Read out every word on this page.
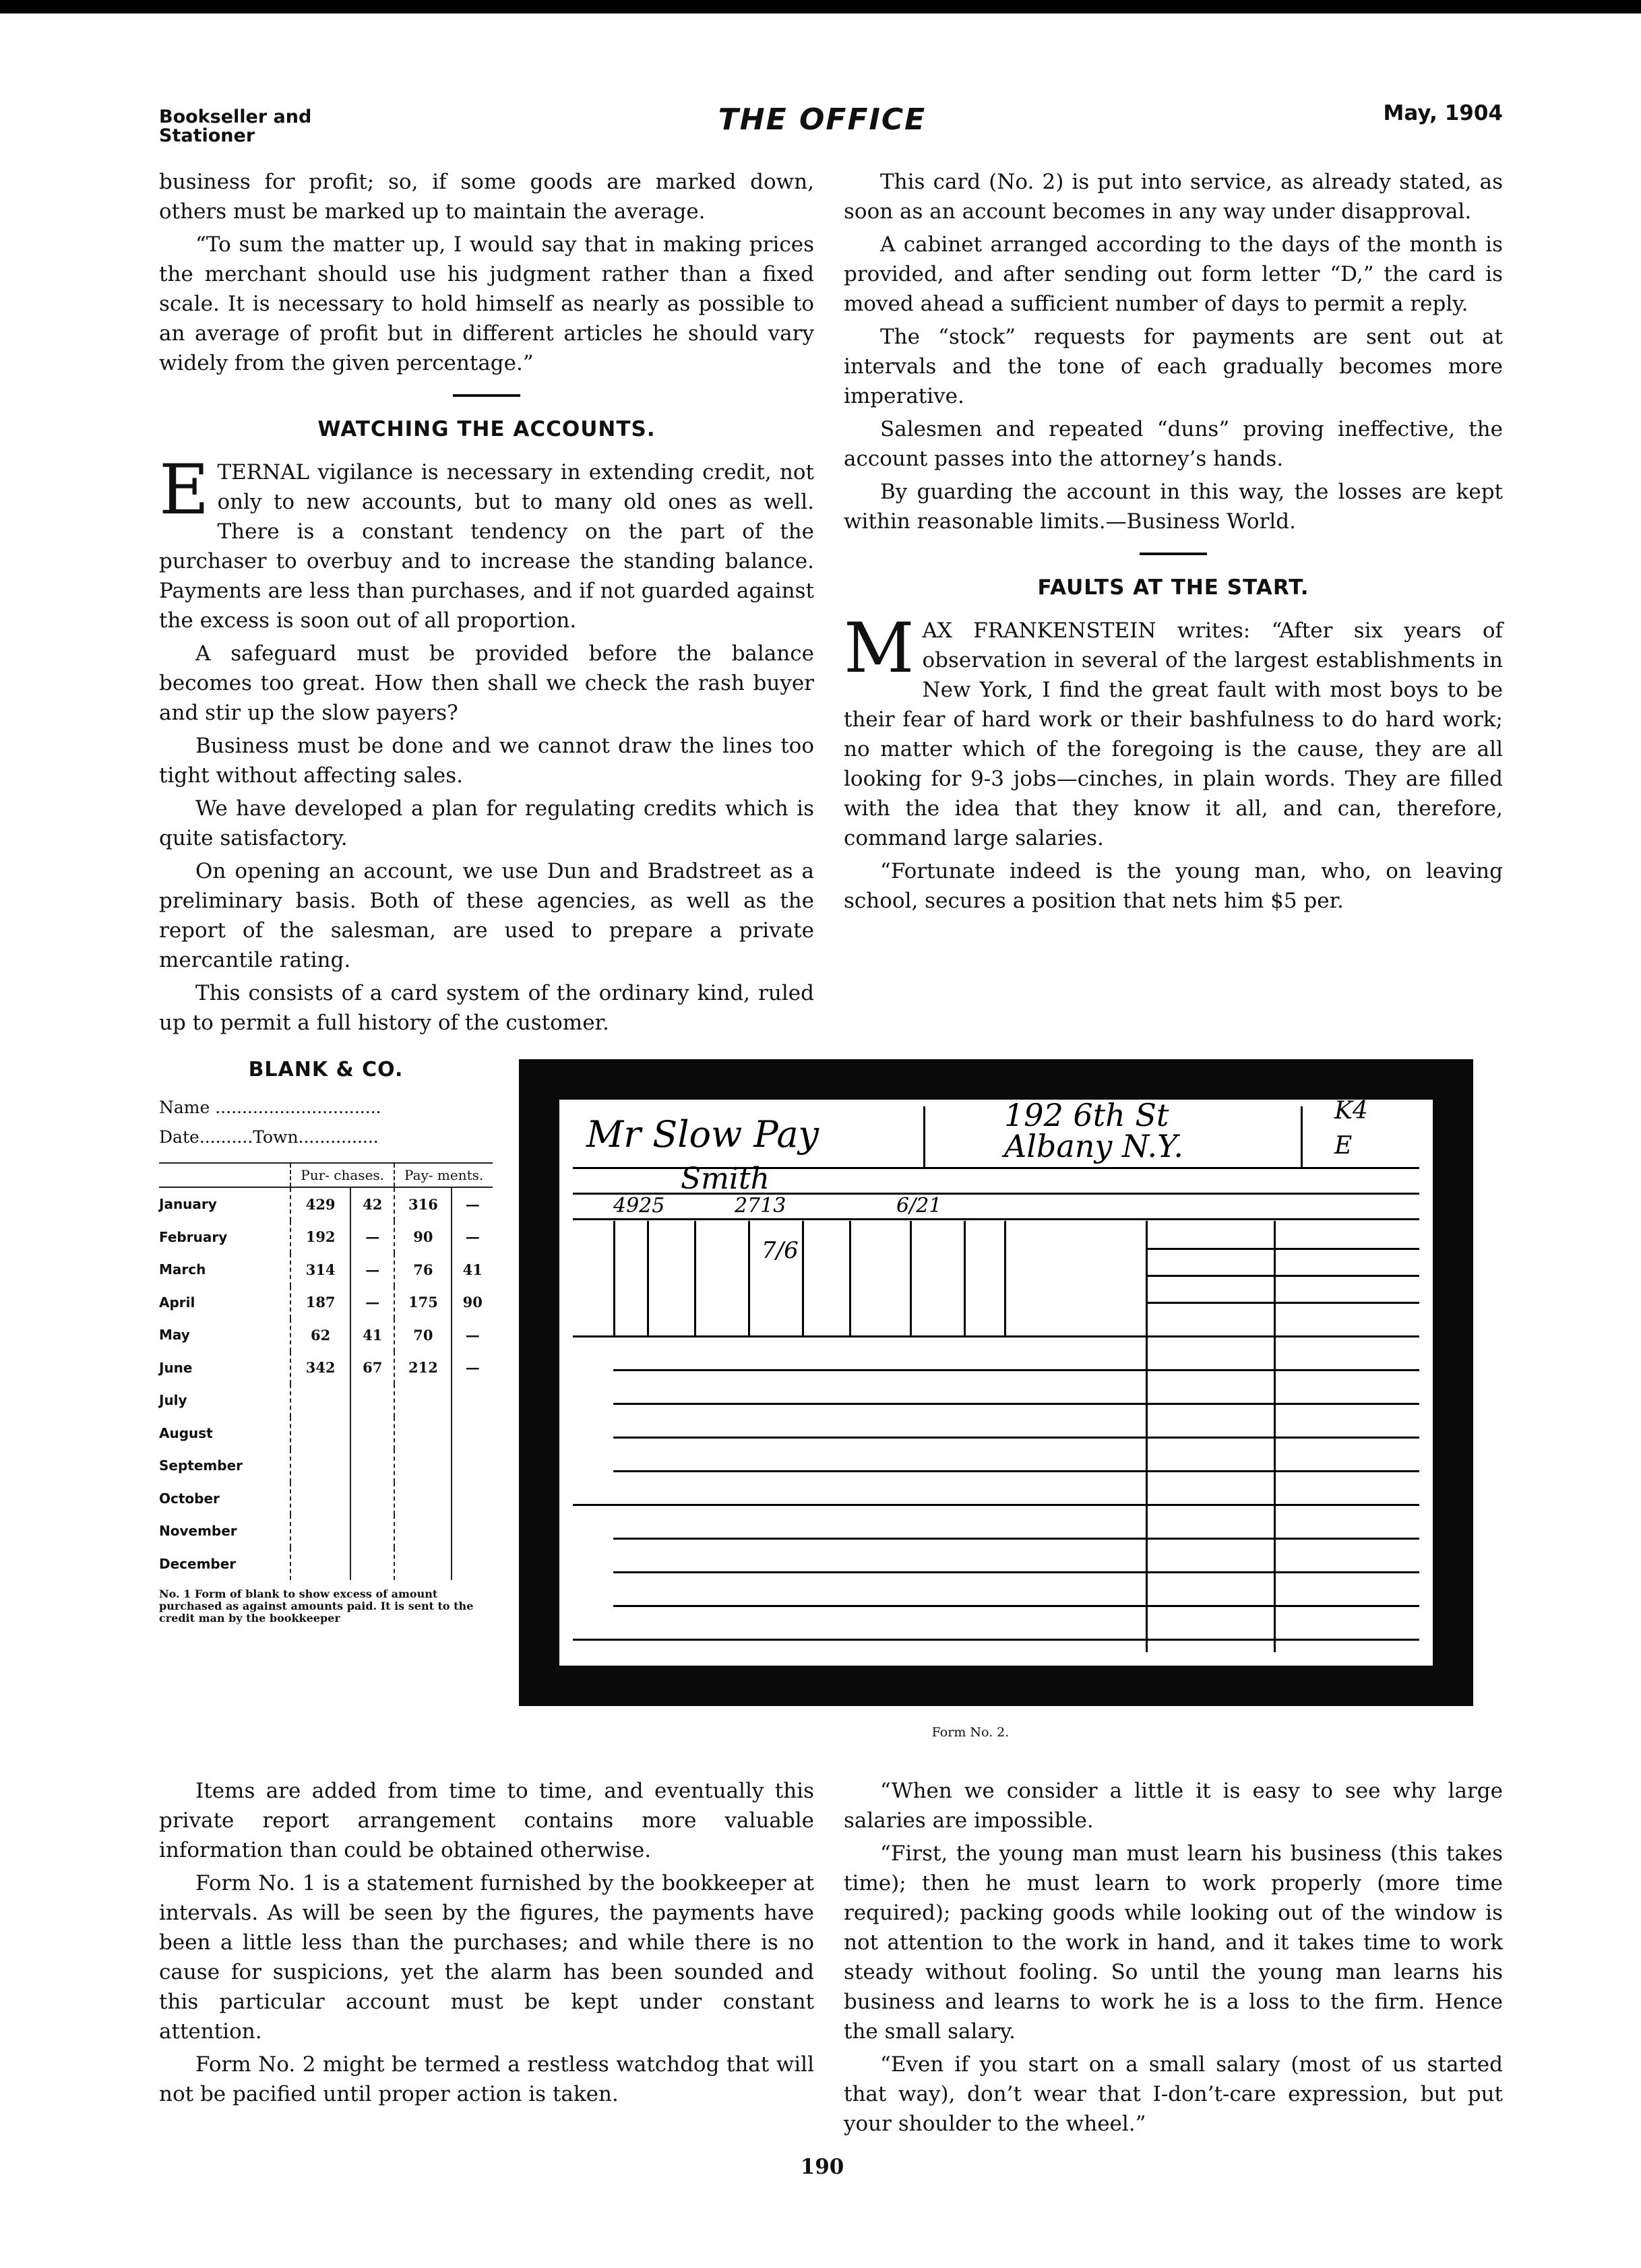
Bookseller and
Stationer	THE OFFICE	May, 1904

business for profit; so, if some goods are marked down, others must be marked up to maintain the average.

“To sum the matter up, I would say that in making prices the merchant should use his judgment rather than a fixed scale. It is necessary to hold himself as nearly as possible to an average of profit but in different articles he should vary widely from the given percentage.”

WATCHING THE ACCOUNTS.

ETERNAL vigilance is necessary in extending credit, not only to new accounts, but to many old ones as well. There is a constant tendency on the part of the purchaser to overbuy and to increase the standing balance. Payments are less than purchases, and if not guarded against the excess is soon out of all proportion.

A safeguard must be provided before the balance becomes too great. How then shall we check the rash buyer and stir up the slow payers?

Business must be done and we cannot draw the lines too tight without affecting sales.

We have developed a plan for regulating credits which is quite satisfactory.

On opening an account, we use Dun and Bradstreet as a preliminary basis. Both of these agencies, as well as the report of the salesman, are used to prepare a private mercantile rating.

This consists of a card system of the ordinary kind, ruled up to permit a full history of the customer.

This card (No. 2) is put into service, as already stated, as soon as an account becomes in any way under disapproval.

A cabinet arranged according to the days of the month is provided, and after sending out form letter “D,” the card is moved ahead a sufficient number of days to permit a reply.

The “stock” requests for payments are sent out at intervals and the tone of each gradually becomes more imperative.

Salesmen and repeated “duns” proving ineffective, the account passes into the attorney’s hands.

By guarding the account in this way, the losses are kept within reasonable limits.—Business World.

FAULTS AT THE START.

MAX FRANKENSTEIN writes: “After six years of observation in several of the largest establishments in New York, I find the great fault with most boys to be their fear of hard work or their bashfulness to do hard work; no matter which of the foregoing is the cause, they are all looking for 9-3 jobs—cinches, in plain words. They are filled with the idea that they know it all, and can, therefore, command large salaries.

“Fortunate indeed is the young man, who, on leaving school, secures a position that nets him $5 per.

BLANK & CO.
Name ...............................
Date..........Town...............
	Pur- chases.		Pay- ments.	
January	429	42	316	—
February	192	—	90	—
March	314	—	76	41
April	187	—	175	90
May	62	41	70	—
June	342	67	212	—
July				
August				
September				
October				
November				
December				
No. 1 Form of blank to show excess of amount purchased as against amounts paid. It is sent to the credit man by the bookkeeper
Mr Slow Pay	192 6th St
Albany N.Y.
K4
E
Smith
4925	2713	6/21
7/6
Form No. 2.

Items are added from time to time, and eventually this private report arrangement contains more valuable information than could be obtained otherwise.

Form No. 1 is a statement furnished by the bookkeeper at intervals. As will be seen by the figures, the payments have been a little less than the purchases; and while there is no cause for suspicions, yet the alarm has been sounded and this particular account must be kept under constant attention.

Form No. 2 might be termed a restless watchdog that will not be pacified until proper action is taken.

“When we consider a little it is easy to see why large salaries are impossible.

“First, the young man must learn his business (this takes time); then he must learn to work properly (more time required); packing goods while looking out of the window is not attention to the work in hand, and it takes time to work steady without fooling. So until the young man learns his business and learns to work he is a loss to the firm. Hence the small salary.

“Even if you start on a small salary (most of us started that way), don’t wear that I-don’t-care expression, but put your shoulder to the wheel.”

190
